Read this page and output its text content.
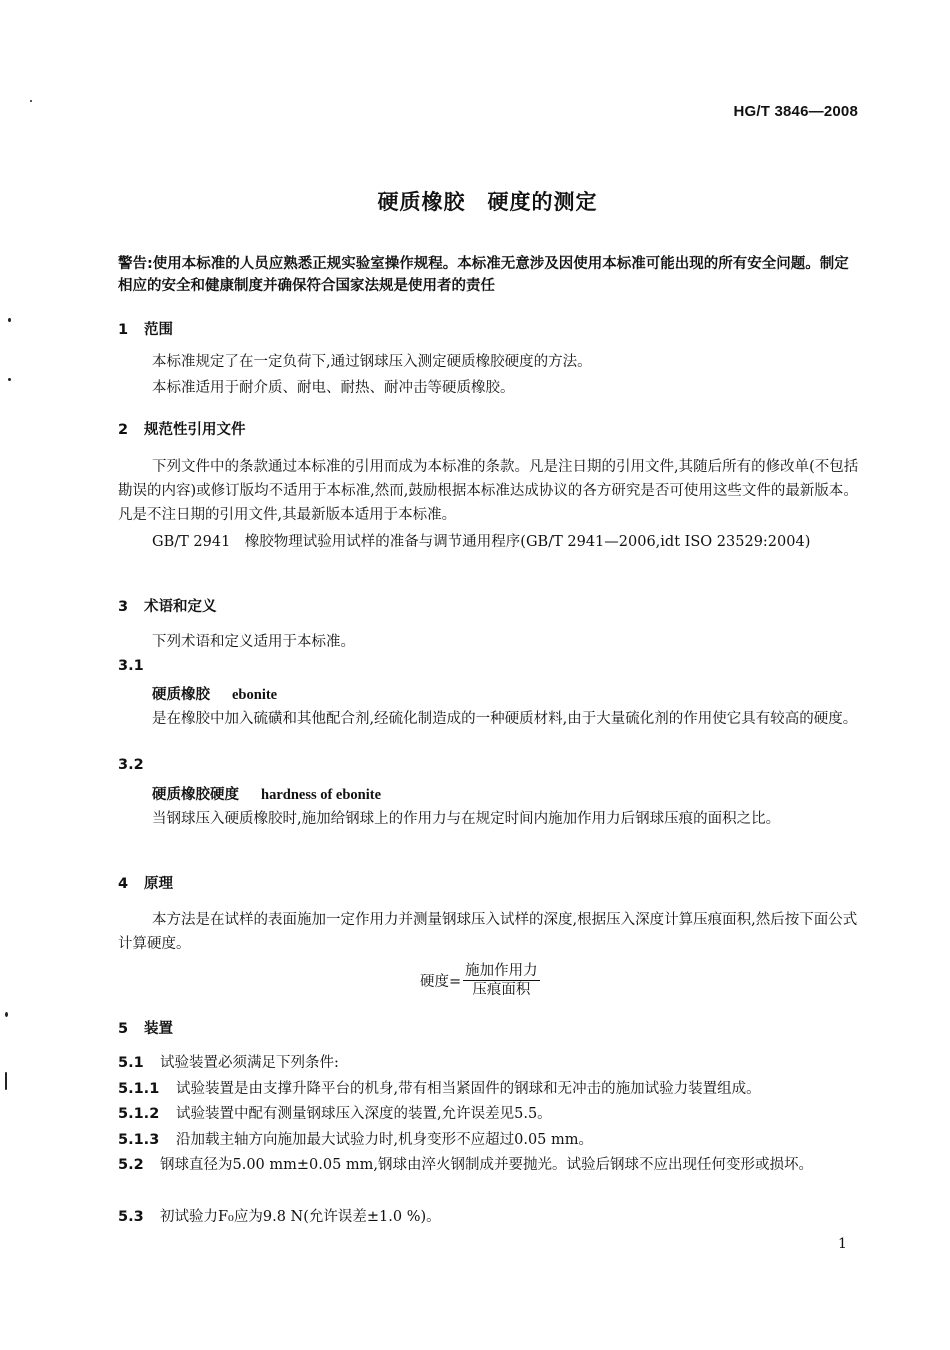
HG/T 3846—2008
硬质橡胶　硬度的测定
警告:使用本标准的人员应熟悉正规实验室操作规程。本标准无意涉及因使用本标准可能出现的所有安全问题。制定相应的安全和健康制度并确保符合国家法规是使用者的责任
1 范围
本标准规定了在一定负荷下,通过钢球压入测定硬质橡胶硬度的方法。
本标准适用于耐介质、耐电、耐热、耐冲击等硬质橡胶。
2 规范性引用文件
下列文件中的条款通过本标准的引用而成为本标准的条款。凡是注日期的引用文件,其随后所有的修改单(不包括勘误的内容)或修订版均不适用于本标准,然而,鼓励根据本标准达成协议的各方研究是否可使用这些文件的最新版本。凡是不注日期的引用文件,其最新版本适用于本标准。
GB/T 2941　橡胶物理试验用试样的准备与调节通用程序(GB/T 2941—2006,idt ISO 23529:2004)
3 术语和定义
下列术语和定义适用于本标准。
3.1
硬质橡胶 ebonite
是在橡胶中加入硫磺和其他配合剂,经硫化制造成的一种硬质材料,由于大量硫化剂的作用使它具有较高的硬度。
3.2
硬质橡胶硬度 hardness of ebonite
当钢球压入硬质橡胶时,施加给钢球上的作用力与在规定时间内施加作用力后钢球压痕的面积之比。
4 原理
本方法是在试样的表面施加一定作用力并测量钢球压入试样的深度,根据压入深度计算压痕面积,然后按下面公式计算硬度。
硬度= $\frac{\text{施加作用力}}{\text{压痕面积}}$
5 装置
5.1 试验装置必须满足下列条件:
5.1.1 试验装置是由支撑升降平台的机身,带有相当紧固件的钢球和无冲击的施加试验力装置组成。
5.1.2 试验装置中配有测量钢球压入深度的装置,允许误差见5.5。
5.1.3 沿加载主轴方向施加最大试验力时,机身变形不应超过0.05 mm。
5.2 钢球直径为5.00 mm±0.05 mm,钢球由淬火钢制成并要抛光。试验后钢球不应出现任何变形或损坏。
5.3 初试验力F₀应为9.8 N(允许误差±1.0 %)。
1
